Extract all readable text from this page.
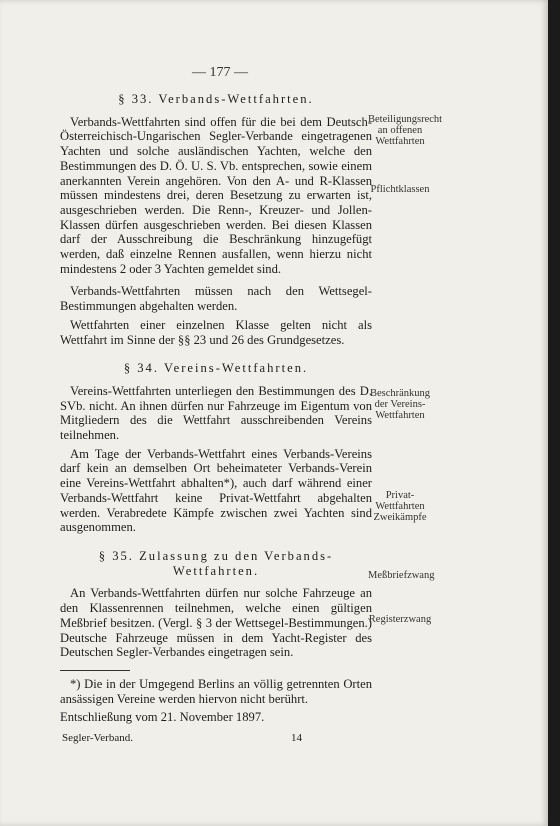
— 177 —
§ 33. Verbands-Wettfahrten.

Verbands-Wettfahrten sind offen für die bei dem Deutsch-Österreichisch-Ungarischen Segler-Verbande eingetragenen Yachten und solche ausländischen Yachten, welche den Bestimmungen des D. Ö. U. S. Vb. entsprechen, sowie einem anerkannten Verein angehören. Von den A- und R-Klassen müssen mindestens drei, deren Besetzung zu erwarten ist, ausgeschrieben werden. Die Renn-, Kreuzer- und Jollen-Klassen dürfen ausgeschrieben werden. Bei diesen Klassen darf der Ausschreibung die Beschränkung hinzugefügt werden, daß einzelne Rennen ausfallen, wenn hierzu nicht mindestens 2 oder 3 Yachten gemeldet sind.

Verbands-Wettfahrten müssen nach den Wettsegel-Bestimmungen abgehalten werden.

Wettfahrten einer einzelnen Klasse gelten nicht als Wettfahrt im Sinne der §§ 23 und 26 des Grundgesetzes.

§ 34. Vereins-Wettfahrten.

Vereins-Wettfahrten unterliegen den Bestimmungen des D. SVb. nicht. An ihnen dürfen nur Fahrzeuge im Eigentum von Mitgliedern des die Wettfahrt ausschreibenden Vereins teilnehmen.

Am Tage der Verbands-Wettfahrt eines Verbands-Vereins darf kein an demselben Ort beheimateter Verbands-Verein eine Vereins-Wettfahrt abhalten*), auch darf während einer Verbands-Wettfahrt keine Privat-Wettfahrt abgehalten werden. Verabredete Kämpfe zwischen zwei Yachten sind ausgenommen.

§ 35. Zulassung zu den Verbands-Wettfahrten.

An Verbands-Wettfahrten dürfen nur solche Fahrzeuge an den Klassenrennen teilnehmen, welche einen gültigen Meßbrief besitzen. (Vergl. § 3 der Wettsegel-Bestimmungen.) Deutsche Fahrzeuge müssen in dem Yacht-Register des Deutschen Segler-Verbandes eingetragen sein.

*) Die in der Umgegend Berlins an völlig getrennten Orten ansässigen Vereine werden hiervon nicht berührt.

Entschließung vom 21. November 1897.
Segler-Verband.	14
Beteiligungsrecht an offenen Wettfahrten
Pflichtklassen
Beschränkung der Vereins-Wettfahrten
Privat-Wettfahrten Zweikämpfe
Meßbriefzwang
Registerzwang
